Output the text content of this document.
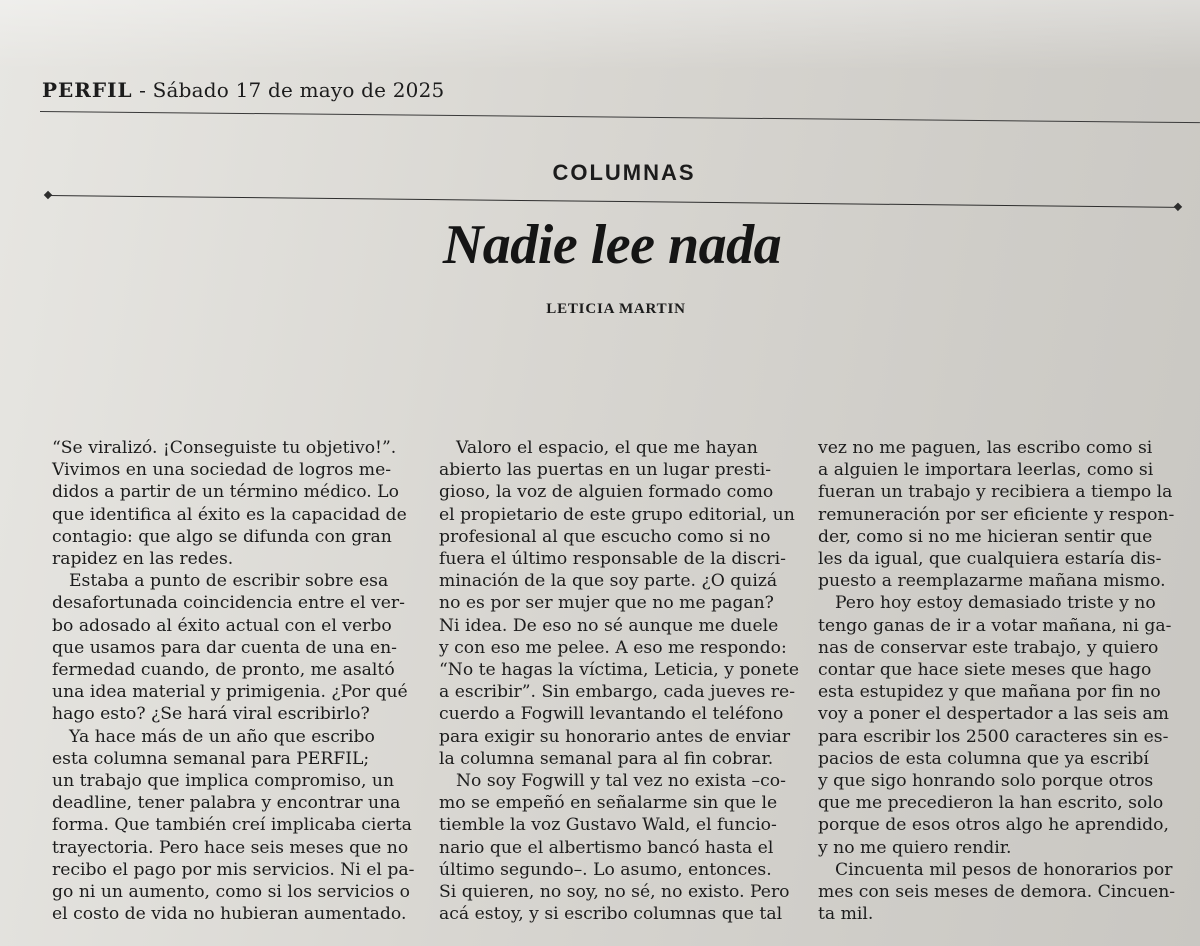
PERFIL - Sábado 17 de mayo de 2025
COLUMNAS
Nadie lee nada
LETICIA MARTIN

“Se viralizó. ¡Conseguiste tu objetivo!”.
Vivimos en una sociedad de logros me-
didos a partir de un término médico. Lo
que identifica al éxito es la capacidad de
contagio: que algo se difunda con gran
rapidez en las redes.

Estaba a punto de escribir sobre esa
desafortunada coincidencia entre el ver-
bo adosado al éxito actual con el verbo
que usamos para dar cuenta de una en-
fermedad cuando, de pronto, me asaltó
una idea material y primigenia. ¿Por qué
hago esto? ¿Se hará viral escribirlo?

Ya hace más de un año que escribo
esta columna semanal para PERFIL;
un trabajo que implica compromiso, un
deadline, tener palabra y encontrar una
forma. Que también creí implicaba cierta
trayectoria. Pero hace seis meses que no
recibo el pago por mis servicios. Ni el pa-
go ni un aumento, como si los servicios o
el costo de vida no hubieran aumentado.

Valoro el espacio, el que me hayan
abierto las puertas en un lugar presti-
gioso, la voz de alguien formado como
el propietario de este grupo editorial, un
profesional al que escucho como si no
fuera el último responsable de la discri-
minación de la que soy parte. ¿O quizá
no es por ser mujer que no me pagan?
Ni idea. De eso no sé aunque me duele
y con eso me pelee. A eso me respondo:
“No te hagas la víctima, Leticia, y ponete
a escribir”. Sin embargo, cada jueves re-
cuerdo a Fogwill levantando el teléfono
para exigir su honorario antes de enviar
la columna semanal para al fin cobrar.

No soy Fogwill y tal vez no exista –co-
mo se empeñó en señalarme sin que le
tiemble la voz Gustavo Wald, el funcio-
nario que el albertismo bancó hasta el
último segundo–. Lo asumo, entonces.
Si quieren, no soy, no sé, no existo. Pero
acá estoy, y si escribo columnas que tal

vez no me paguen, las escribo como si
a alguien le importara leerlas, como si
fueran un trabajo y recibiera a tiempo la
remuneración por ser eficiente y respon-
der, como si no me hicieran sentir que
les da igual, que cualquiera estaría dis-
puesto a reemplazarme mañana mismo.

Pero hoy estoy demasiado triste y no
tengo ganas de ir a votar mañana, ni ga-
nas de conservar este trabajo, y quiero
contar que hace siete meses que hago
esta estupidez y que mañana por fin no
voy a poner el despertador a las seis am
para escribir los 2500 caracteres sin es-
pacios de esta columna que ya escribí
y que sigo honrando solo porque otros
que me precedieron la han escrito, solo
porque de esos otros algo he aprendido,
y no me quiero rendir.

Cincuenta mil pesos de honorarios por
mes con seis meses de demora. Cincuen-
ta mil.
